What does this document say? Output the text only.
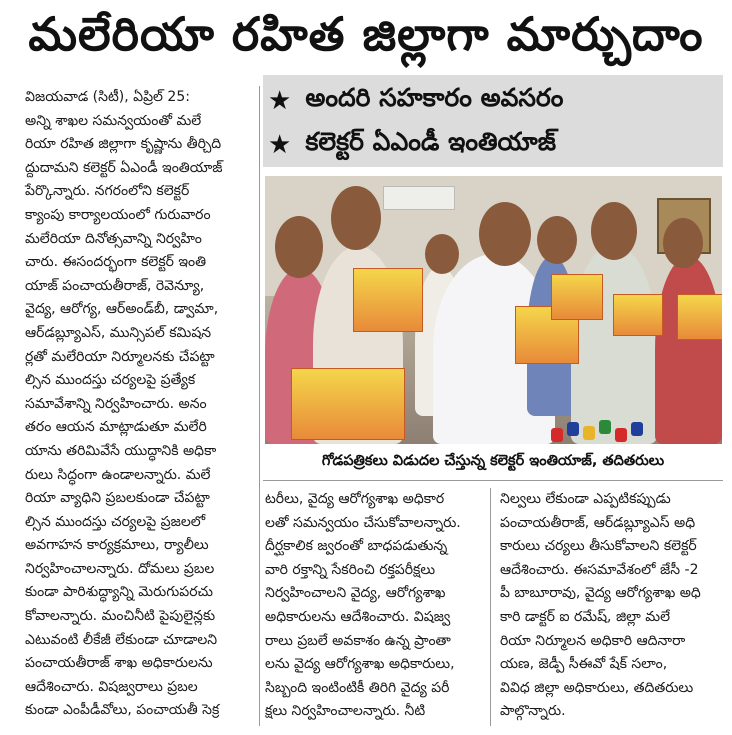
మలేరియా రహిత జిల్లాగా మార్చుదాం

విజయవాడ (సిటీ), ఏప్రిల్ 25:

అన్ని శాఖల సమన్వయంతో మలే

రియా రహిత జిల్లాగా కృష్ణాను తీర్చిది

ద్దుదామని కలెక్టర్ ఏఎండీ ఇంతియాజ్

పేర్కొన్నారు. నగరంలోని కలెక్టర్

క్యాంపు కార్యాలయంలో గురువారం

మలేరియా దినోత్సవాన్ని నిర్వహిం

చారు. ఈసందర్భంగా కలెక్టర్ ఇంతి

యాజ్ పంచాయతీరాజ్, రెవెన్యూ,

వైద్య, ఆరోగ్య, ఆర్అండ్‌బీ, డ్వామా,

ఆర్‌డబ్ల్యూఎస్, మున్సిపల్ కమిషన

ర్లతో మలేరియా నిర్మూలనకు చేపట్టా

ల్సిన ముందస్తు చర్యలపై ప్రత్యేక

సమావేశాన్ని నిర్వహించారు. అనం

తరం ఆయన మాట్లాడుతూ మలేరి

యాను తరిమివేసే యుద్ధానికి అధికా

రులు సిద్ధంగా ఉండాలన్నారు. మలే

రియా వ్యాధిని ప్రబలకుండా చేపట్టా

ల్సిన ముందస్తు చర్యలపై ప్రజలలో

అవగాహన కార్యక్రమాలు, ర్యాలీలు

నిర్వహించాలన్నారు. దోమలు ప్రబల

కుండా పారిశుద్ధ్యాన్ని మెరుగుపరచు

కోవాలన్నారు. మంచినీటి పైపులైన్లకు

ఎటువంటి లీకేజీ లేకుండా చూడాలని

పంచాయతీరాజ్ శాఖ అధికారులను

ఆదేశించారు. విషజ్వరాలు ప్రబల

కుండా ఎంపీడీవోలు, పంచాయతీ సెక్ర

★ అందరి సహకారం అవసరం
★ కలెక్టర్ ఏఎండీ ఇంతియాజ్
గోడపత్రికలు విడుదల చేస్తున్న కలెక్టర్ ఇంతియాజ్, తదితరులు

టరీలు, వైద్య ఆరోగ్యశాఖ అధికార

లతో సమన్వయం చేసుకోవాలన్నారు.

దీర్ఘకాలిక జ్వరంతో బాధపడుతున్న

వారి రక్తాన్ని సేకరించి రక్తపరీక్షలు

నిర్వహించాలని వైద్య, ఆరోగ్యశాఖ

అధికారులను ఆదేశించారు. విషజ్వ

రాలు ప్రబలే అవకాశం ఉన్న ప్రాంతా

లను వైద్య ఆరోగ్యశాఖ అధికారులు,

సిబ్బంది ఇంటింటికీ తిరిగి వైద్య పరీ

క్షలు నిర్వహించాలన్నారు. నీటి

నిల్వలు లేకుండా ఎప్పటికప్పుడు

పంచాయతీరాజ్, ఆర్‌డబ్ల్యూఎస్ అధి

కారులు చర్యలు తీసుకోవాలని కలెక్టర్

ఆదేశించారు. ఈసమావేశంలో జేసీ -2

పీ బాబూరావు, వైద్య ఆరోగ్యశాఖ అధి

కారి డాక్టర్ ఐ రమేష్, జిల్లా మలే

రియా నిర్మూలన అధికారి ఆదినారా

యణ, జెడ్పీ సీఈవో షేక్ సలాం,

వివిధ జిల్లా అధికారులు, తదితరులు

పాల్గొన్నారు.
